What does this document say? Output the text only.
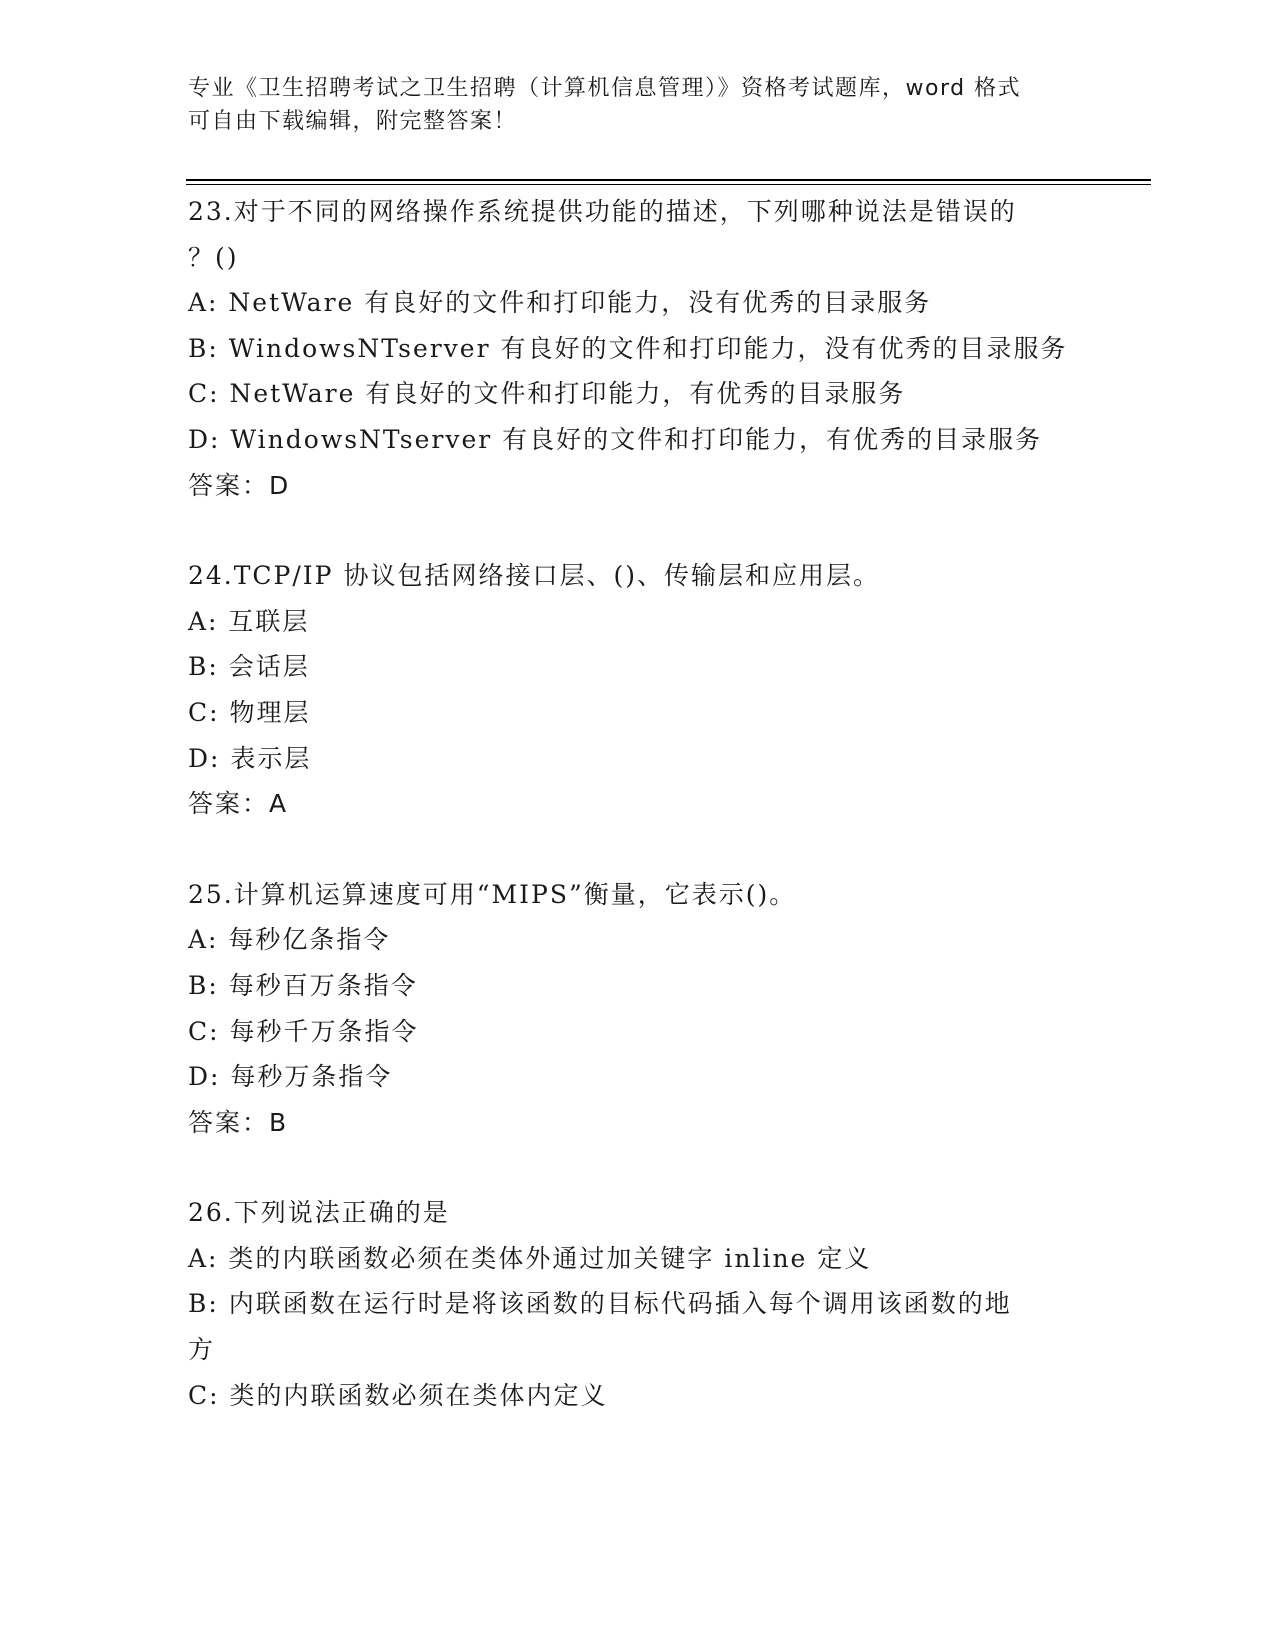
专业《卫生招聘考试之卫生招聘（计算机信息管理）》资格考试题库，word 格式
可自由下载编辑，附完整答案！
23.对于不同的网络操作系统提供功能的描述，下列哪种说法是错误的
？()
A: NetWare 有良好的文件和打印能力，没有优秀的目录服务
B: WindowsNTserver 有良好的文件和打印能力，没有优秀的目录服务
C: NetWare 有良好的文件和打印能力，有优秀的目录服务
D: WindowsNTserver 有良好的文件和打印能力，有优秀的目录服务
答案：D
24.TCP/IP 协议包括网络接口层、()、传输层和应用层。
A: 互联层
B: 会话层
C: 物理层
D: 表示层
答案：A
25.计算机运算速度可用“MIPS”衡量，它表示()。
A: 每秒亿条指令
B: 每秒百万条指令
C: 每秒千万条指令
D: 每秒万条指令
答案：B
26.下列说法正确的是
A: 类的内联函数必须在类体外通过加关键字 inline 定义
B: 内联函数在运行时是将该函数的目标代码插入每个调用该函数的地
方
C: 类的内联函数必须在类体内定义
